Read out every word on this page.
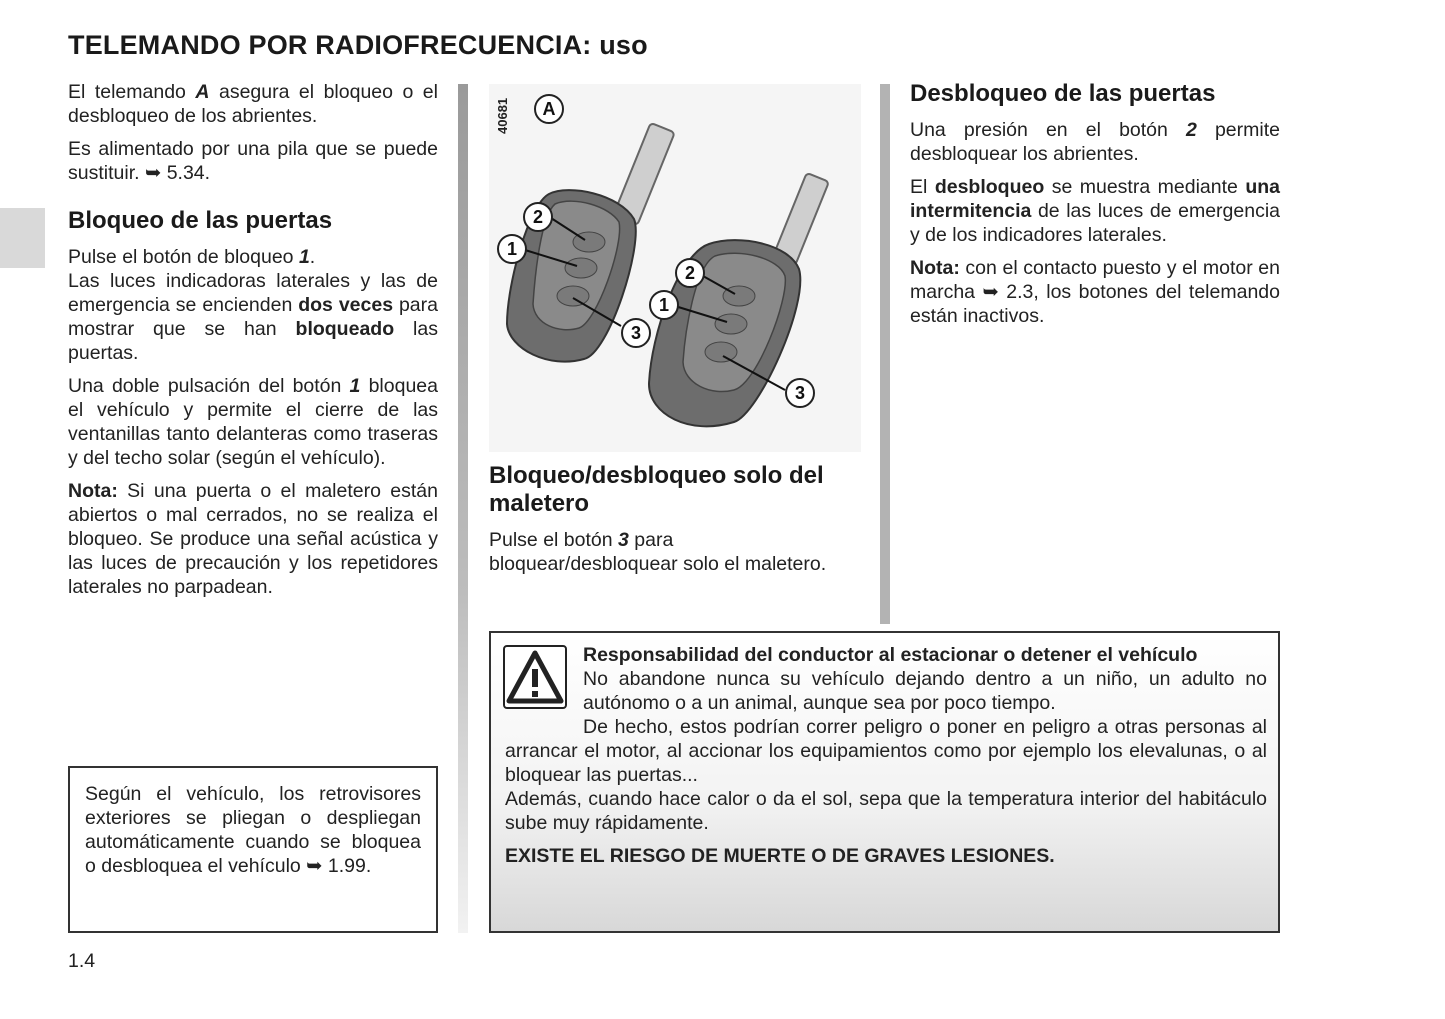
TELEMANDO POR RADIOFRECUENCIA: uso

El telemando A asegura el bloqueo o el desbloqueo de los abrientes.

Es alimentado por una pila que se puede sustituir. ➥ 5.34.

Bloqueo de las puertas

Pulse el botón de bloqueo 1.
Las luces indicadoras laterales y las de emergencia se encienden dos veces para mostrar que se han bloqueado las puertas.

Una doble pulsación del botón 1 bloquea el vehículo y permite el cierre de las ventanillas tanto delanteras como traseras y del techo solar (según el vehículo).

Nota: Si una puerta o el maletero están abiertos o mal cerrados, no se realiza el bloqueo. Se produce una señal acústica y las luces de precaución y los repetidores laterales no parpadean.

Según el vehículo, los retrovisores exteriores se pliegan o despliegan automáticamente cuando se bloquea o desbloquea el vehículo ➥ 1.99.
40681	A
2
1
3
2
1
3
Bloqueo/desbloqueo solo del maletero

Pulse el botón 3 para bloquear/desbloquear solo el maletero.

Desbloqueo de las puertas

Una presión en el botón 2 permite desbloquear los abrientes.

El desbloqueo se muestra mediante una intermitencia de las luces de emergencia y de los indicadores laterales.

Nota: con el contacto puesto y el motor en marcha ➥ 2.3, los botones del telemando están inactivos.

Responsabilidad del conductor al estacionar o detener el vehículo

No abandone nunca su vehículo dejando dentro a un niño, un adulto no autónomo o a un animal, aunque sea por poco tiempo.

De hecho, estos podrían correr peligro o poner en peligro a otras personas al arrancar el motor, al accionar los equipamientos como por ejemplo los elevalunas, o al bloquear las puertas...

Además, cuando hace calor o da el sol, sepa que la temperatura interior del habitáculo sube muy rápidamente.

EXISTE EL RIESGO DE MUERTE O DE GRAVES LESIONES.

1.4
